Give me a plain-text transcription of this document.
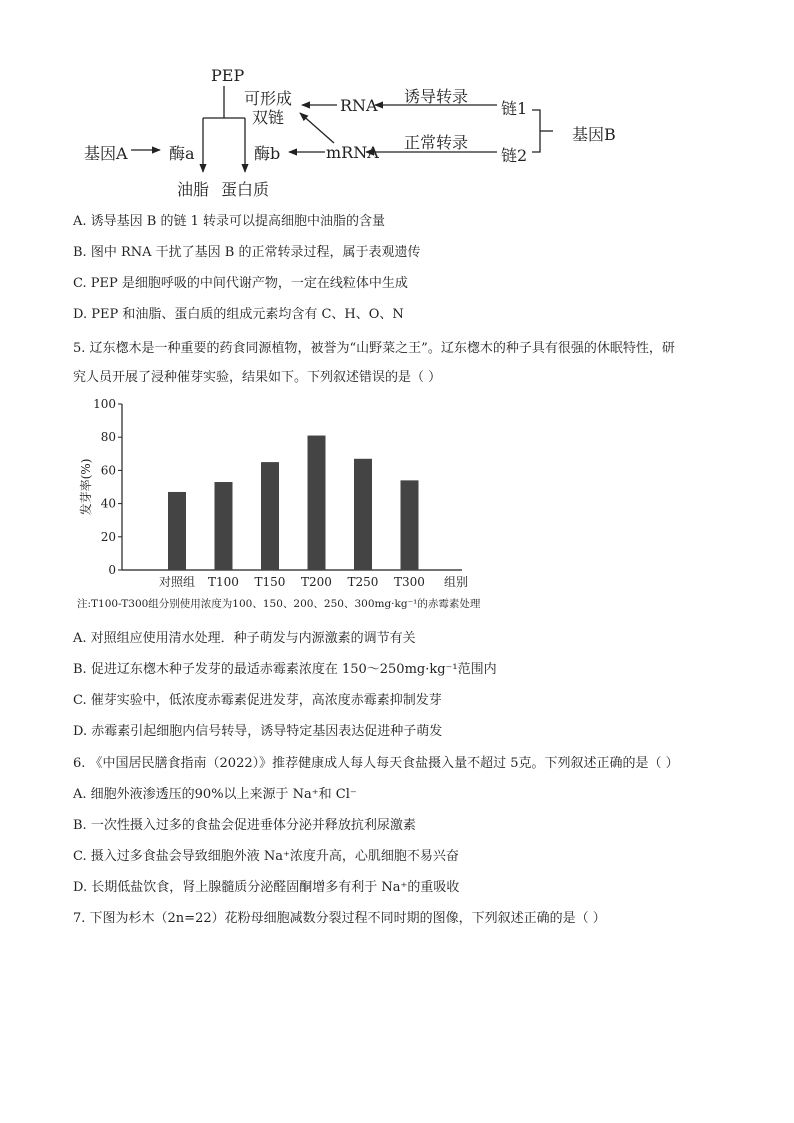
PEP
可形成
双链
RNA 诱导转录
链1
基因A	酶a	酶b	mRNA
正常转录
链2
基因B
油脂 蛋白质
A. 诱导基因 B 的链 1 转录可以提高细胞中油脂的含量
B. 图中 RNA 干扰了基因 B 的正常转录过程，属于表观遗传
C. PEP 是细胞呼吸的中间代谢产物，一定在线粒体中生成
D. PEP 和油脂、蛋白质的组成元素均含有 C、H、O、N
5. 辽东楤木是一种重要的药食同源植物，被誉为“山野菜之王”。辽东楤木的种子具有很强的休眠特性，研
究人员开展了浸种催芽实验，结果如下。下列叙述错误的是（ ）
0
20
40
60
80
100
发芽率(%)
对照组 T100 T150 T200 T250 T300 组别
注:T100-T300组分别使用浓度为100、150、200、250、300mg·kg⁻¹的赤霉素处理
A. 对照组应使用清水处理．种子萌发与内源激素的调节有关
B. 促进辽东楤木种子发芽的最适赤霉素浓度在 150～250mg·kg⁻¹范围内
C. 催芽实验中，低浓度赤霉素促进发芽，高浓度赤霉素抑制发芽
D. 赤霉素引起细胞内信号转导，诱导特定基因表达促进种子萌发
6. 《中国居民膳食指南（2022）》推荐健康成人每人每天食盐摄入量不超过 5克。下列叙述正确的是（ ）
A. 细胞外液渗透压的90%以上来源于 Na⁺和 Cl⁻
B. 一次性摄入过多的食盐会促进垂体分泌并释放抗利尿激素
C. 摄入过多食盐会导致细胞外液 Na⁺浓度升高，心肌细胞不易兴奋
D. 长期低盐饮食，肾上腺髓质分泌醛固酮增多有利于 Na⁺的重吸收
7. 下图为杉木（2n=22）花粉母细胞减数分裂过程不同时期的图像，下列叙述正确的是（ ）
